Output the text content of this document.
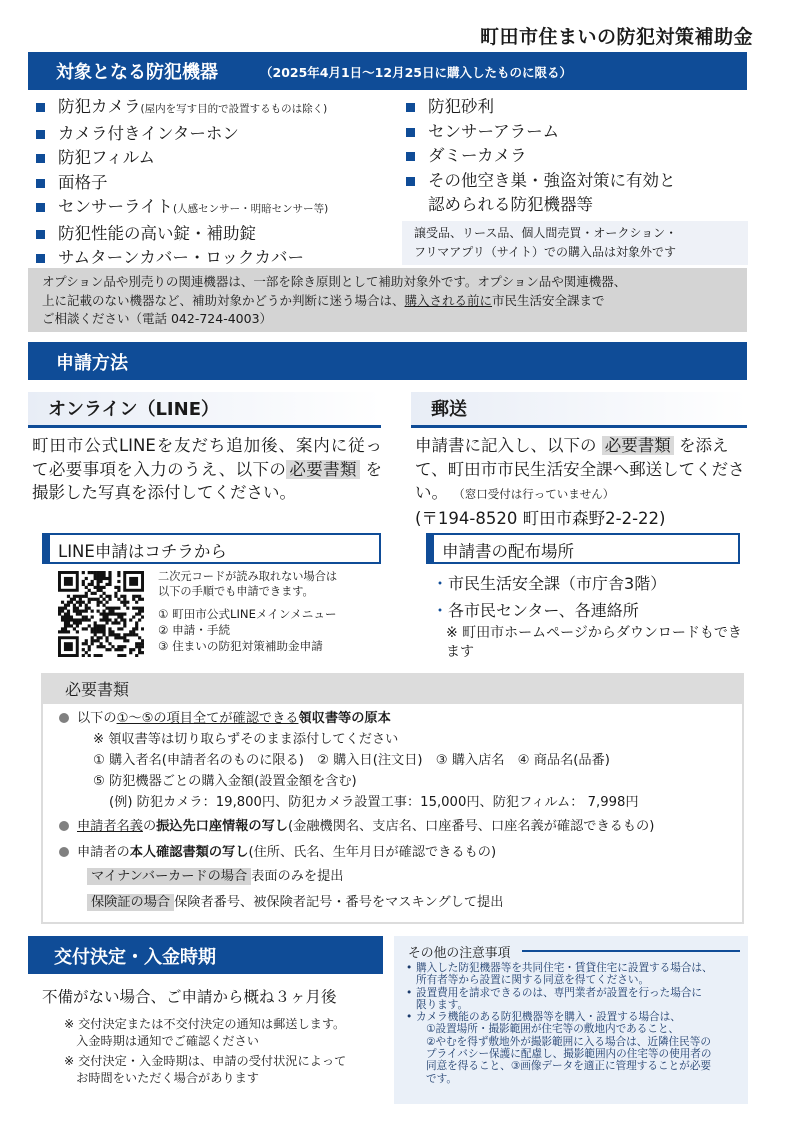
町田市住まいの防犯対策補助金
対象となる防犯機器	（2025年4月1日～12月25日に購入したものに限る）
防犯カメラ(屋内を写す目的で設置するものは除く)
カメラ付きインターホン
防犯フィルム
面格子
センサーライト(人感センサー・明暗センサー等)
防犯性能の高い錠・補助錠
サムターンカバー・ロックカバー
防犯砂利
センサーアラーム
ダミーカメラ
その他空き巣・強盗対策に有効と
認められる防犯機器等
譲受品、リース品、個人間売買・オークション・
フリマアプリ（サイト）での購入品は対象外です
オプション品や別売りの関連機器は、一部を除き原則として補助対象外です。オプション品や関連機器、
上に記載のない機器など、補助対象かどうか判断に迷う場合は、購入される前に市民生活安全課まで
ご相談ください（電話 042-724-4003）
申請方法
オンライン（LINE）	郵送
町田市公式LINEを友だち追加後、案内に従って必要事項を入力のうえ、以下の 必要書類 を撮影した写真を添付してください。
申請書に記入し、以下の 必要書類 を添えて、町田市市民生活安全課へ郵送してください。 （窓口受付は行っていません）
(〒194-8520 町田市森野2-2-22)
LINE申請はコチラから	申請書の配布場所
二次元コードが読み取れない場合は
以下の手順でも申請できます。
① 町田市公式LINEメインメニュー
② 申請・手続
③ 住まいの防犯対策補助金申請
・ 市民生活安全課（市庁舎3階）
・ 各市民センター、各連絡所
※ 町田市ホームページからダウンロードもできます
必要書類
以下の①～⑤の項目全てが確認できる領収書等の原本
※ 領収書等は切り取らずそのまま添付してください
① 購入者名(申請者名のものに限る)　② 購入日(注文日)　③ 購入店名　④ 商品名(品番)
⑤ 防犯機器ごとの購入金額(設置金額を含む)
(例) 防犯カメラ：19,800円、防犯カメラ設置工事：15,000円、防犯フィルム： 7,998円
申請者名義の振込先口座情報の写し(金融機関名、支店名、口座番号、口座名義が確認できるもの)
申請者の本人確認書類の写し(住所、氏名、生年月日が確認できるもの)
マイナンバーカードの場合 表面のみを提出
保険証の場合 保険者番号、被保険者記号・番号をマスキングして提出
交付決定・入金時期
不備がない場合、ご申請から概ね３ヶ月後
※ 交付決定または不交付決定の通知は郵送します。
　入金時期は通知でご確認ください
※ 交付決定・入金時期は、申請の受付状況によって
　お時間をいただく場合があります
その他の注意事項
• 購入した防犯機器等を共同住宅・賃貸住宅に設置する場合は、
所有者等から設置に関する同意を得てください。
• 設置費用を請求できるのは、専門業者が設置を行った場合に
限ります。
• カメラ機能のある防犯機器等を購入・設置する場合は、
①設置場所・撮影範囲が住宅等の敷地内であること、
②やむを得ず敷地外が撮影範囲に入る場合は、近隣住民等の
プライバシー保護に配慮し、撮影範囲内の住宅等の使用者の
同意を得ること、③画像データを適正に管理することが必要
です。
